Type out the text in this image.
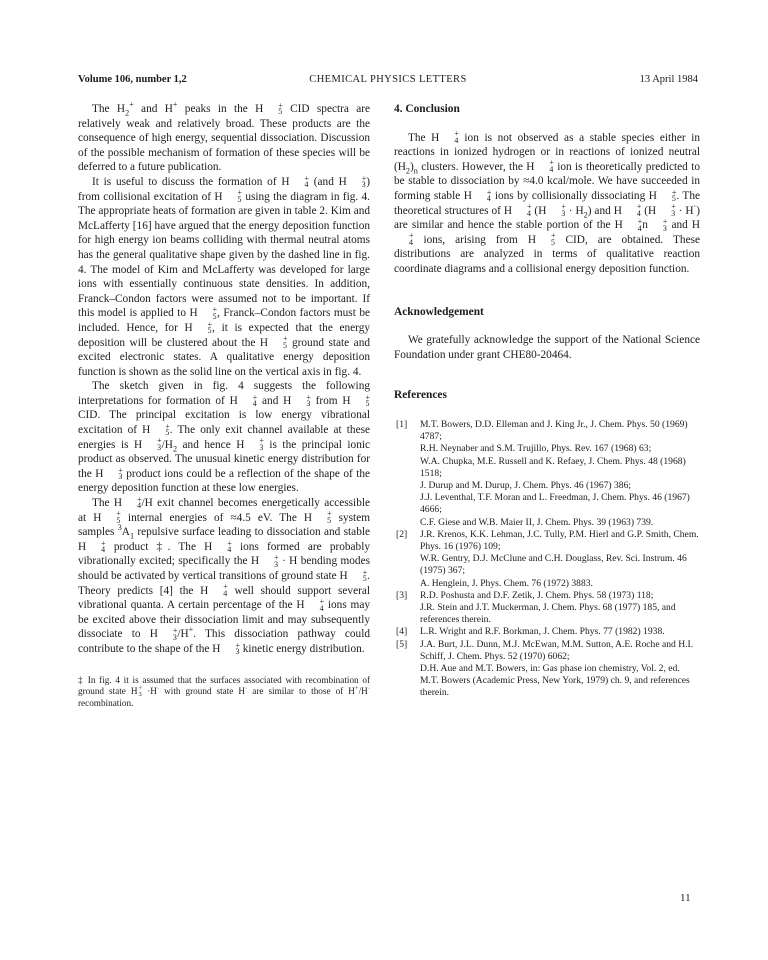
Volume 106, number 1,2	CHEMICAL PHYSICS LETTERS	13 April 1984

The $H_2^+$ and H+ peaks in the H	+
5 CID spectra are relatively weak and relatively broad. These products are the consequence of high energy, sequential dissociation. Discussion of the possible mechanism of formation of these species will be deferred to a future publication.

It is useful to discuss the formation of H	+
4 (and H	+
3 ) from collisional excitation of H	+
5 using the diagram in fig. 4. The appropriate heats of formation are given in table 2. Kim and McLafferty [16] have argued that the energy deposition function for high energy ion beams colliding with thermal neutral atoms has the general qualitative shape given by the dashed line in fig. 4. The model of Kim and McLafferty was developed for large ions with essentially continuous state densities. In addition, Franck–Condon factors were assumed not to be important. If this model is applied to H	+
5 , Franck–Condon factors must be included. Hence, for H	+
5 , it is expected that the energy deposition will be clustered about the H	+
5 ground state and excited electronic states. A qualitative energy deposition function is shown as the solid line on the vertical axis in fig. 4.

The sketch given in fig. 4 suggests the following interpretations for formation of H	+
4 and H	+
3 from H	+
5
CID. The principal excitation is low energy vibrational excitation of H	+
5 . The only exit channel available at these energies is H	+
3 $/H_2$ and hence H	+
3 is the principal ionic product as observed. The unusual kinetic energy distribution for the H	+
3 product ions could be a reflection of the shape of the energy deposition function at these low energies.

The H	+
4 /H exit channel becomes energetically accessible at H	+
5 internal energies of ≈4.5 eV. The H	+
5 system samples $^3A_1$ repulsive surface leading to dissociation and stable H	+
4 product ‡. The H	+
4 ions formed are probably vibrationally excited; specifically the H	+
3 · H bending modes should be activated by vertical transitions of ground state H	+
5 . Theory predicts [4] the H	+
4 well should support several vibrational quanta. A certain percentage of the H	+
4 ions may be excited above their dissociation limit and may subsequently dissociate to H	+
3 /H+. This dissociation pathway could contribute to the shape of the H	+
3 kinetic energy distribution.

‡ In fig. 4 it is assumed that the surfaces associated with recombination of ground state H +
3 ·H· with ground state H· are similar to those of H+/H· recombination.
4. Conclusion

The H	+
4 ion is not observed as a stable species either in reactions in ionized hydrogen or in reactions of ionized neutral $(H_2)_n$ clusters. However, the H	+
4 ion is theoretically predicted to be stable to dissociation by ≈4.0 kcal/mole. We have succeeded in forming stable H	+
4 ions by collisionally dissociating H	+
5 . The theoretical structures of H	+
4 (H	+
$3 \cdot H_2$) and H	+
4 (H	+
3 · H·) are similar and hence the stable portion of the H	+
4 n	+
3 and H
+
4 ions, arising from H	+
5 CID, are obtained. These distributions are analyzed in terms of qualitative reaction coordinate diagrams and a collisional energy deposition function.

Acknowledgement

We gratefully acknowledge the support of the National Science Foundation under grant CHE80-20464.

References
[1] M.T. Bowers, D.D. Elleman and J. King Jr., J. Chem. Phys. 50 (1969) 4787;
R.H. Neynaber and S.M. Trujillo, Phys. Rev. 167 (1968) 63;
W.A. Chupka, M.E. Russell and K. Refaey, J. Chem. Phys. 48 (1968) 1518;
J. Durup and M. Durup, J. Chem. Phys. 46 (1967) 386;
J.J. Leventhal, T.F. Moran and L. Freedman, J. Chem. Phys. 46 (1967) 4666;
C.F. Giese and W.B. Maier II, J. Chem. Phys. 39 (1963) 739.
[2] J.R. Krenos, K.K. Lehman, J.C. Tully, P.M. Hierl and G.P. Smith, Chem. Phys. 16 (1976) 109;
W.R. Gentry, D.J. McClune and C.H. Douglass, Rev. Sci. Instrum. 46 (1975) 367;
A. Henglein, J. Phys. Chem. 76 (1972) 3883.
[3] R.D. Poshusta and D.F. Zetik, J. Chem. Phys. 58 (1973) 118;
J.R. Stein and J.T. Muckerman, J. Chem. Phys. 68 (1977) 185, and references therein.
[4] L.R. Wright and R.F. Borkman, J. Chem. Phys. 77 (1982) 1938.
[5] J.A. Burt, J.L. Dunn, M.J. McEwan, M.M. Sutton, A.E. Roche and H.I. Schiff, J. Chem. Phys. 52 (1970) 6062;
D.H. Aue and M.T. Bowers, in: Gas phase ion chemistry, Vol. 2, ed. M.T. Bowers (Academic Press, New York, 1979) ch. 9, and references therein.
11
